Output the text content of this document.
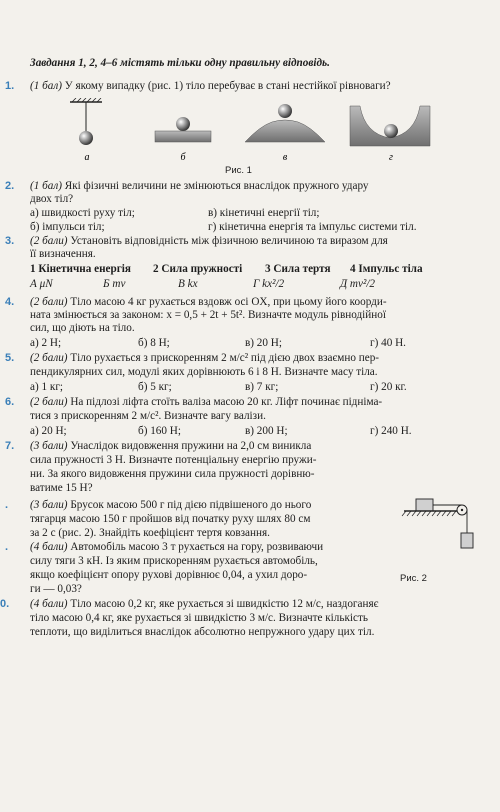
Завдання 1, 2, 4–6 містять тільки одну правильну відповідь.
1. (1 бал) У якому випадку (рис. 1) тіло перебуває в стані нестійкої рівноваги?
а	б	в	г
Рис. 1
2. (1 бал) Які фізичні величини не змінюються внаслідок пружного удару
двох тіл?
а) швидкості руху тіл;	в) кінетичні енергії тіл;
б) імпульси тіл;	г) кінетична енергія та імпульс системи тіл.
3. (2 бали) Установіть відповідність між фізичною величиною та виразом для
її визначення.
1 Кінетична енергія 2 Сила пружності 3 Сила тертя 4 Імпульс тіла
А μN	Б mv	В kx	Г kx²/2	Д mv²/2
4. (2 бали) Тіло масою 4 кг рухається вздовж осі OX, при цьому його коорди-
ната змінюється за законом: x = 0,5 + 2t + 5t². Визначте модуль рівнодійної
сил, що діють на тіло.
а) 2 Н;	б) 8 Н;	в) 20 Н;	г) 40 Н.
5. (2 бали) Тіло рухається з прискоренням 2 м/с² під дією двох взаємно пер-
пендикулярних сил, модулі яких дорівнюють 6 і 8 Н. Визначте масу тіла.
а) 1 кг;	б) 5 кг;	в) 7 кг;	г) 20 кг.
6. (2 бали) На підлозі ліфта стоїть валіза масою 20 кг. Ліфт починає підніма-
тися з прискоренням 2 м/с². Визначте вагу валізи.
а) 20 Н;	б) 160 Н;	в) 200 Н;	г) 240 Н.
7. (3 бали) Унаслідок видовження пружини на 2,0 см виникла
сила пружності 3 Н. Визначте потенціальну енергію пружи-
ни. За якого видовження пружини сила пружності дорівню-
ватиме 15 Н?
. (3 бали) Брусок масою 500 г під дією підвішеного до нього
тягарця масою 150 г пройшов від початку руху шлях 80 см
за 2 с (рис. 2). Знайдіть коефіцієнт тертя ковзання.
. (4 бали) Автомобіль масою 3 т рухається на гору, розвиваючи
силу тяги 3 кН. Із яким прискоренням рухається автомобіль,
якщо коефіцієнт опору руховi дорівнює 0,04, а ухил доро-
ги — 0,03?
Рис. 2
0. (4 бали) Тіло масою 0,2 кг, яке рухається зі швидкістю 12 м/с, наздоганяє
тіло масою 0,4 кг, яке рухається зі швидкістю 3 м/с. Визначте кількість
теплоти, що виділиться внаслідок абсолютно непружного удару цих тіл.
